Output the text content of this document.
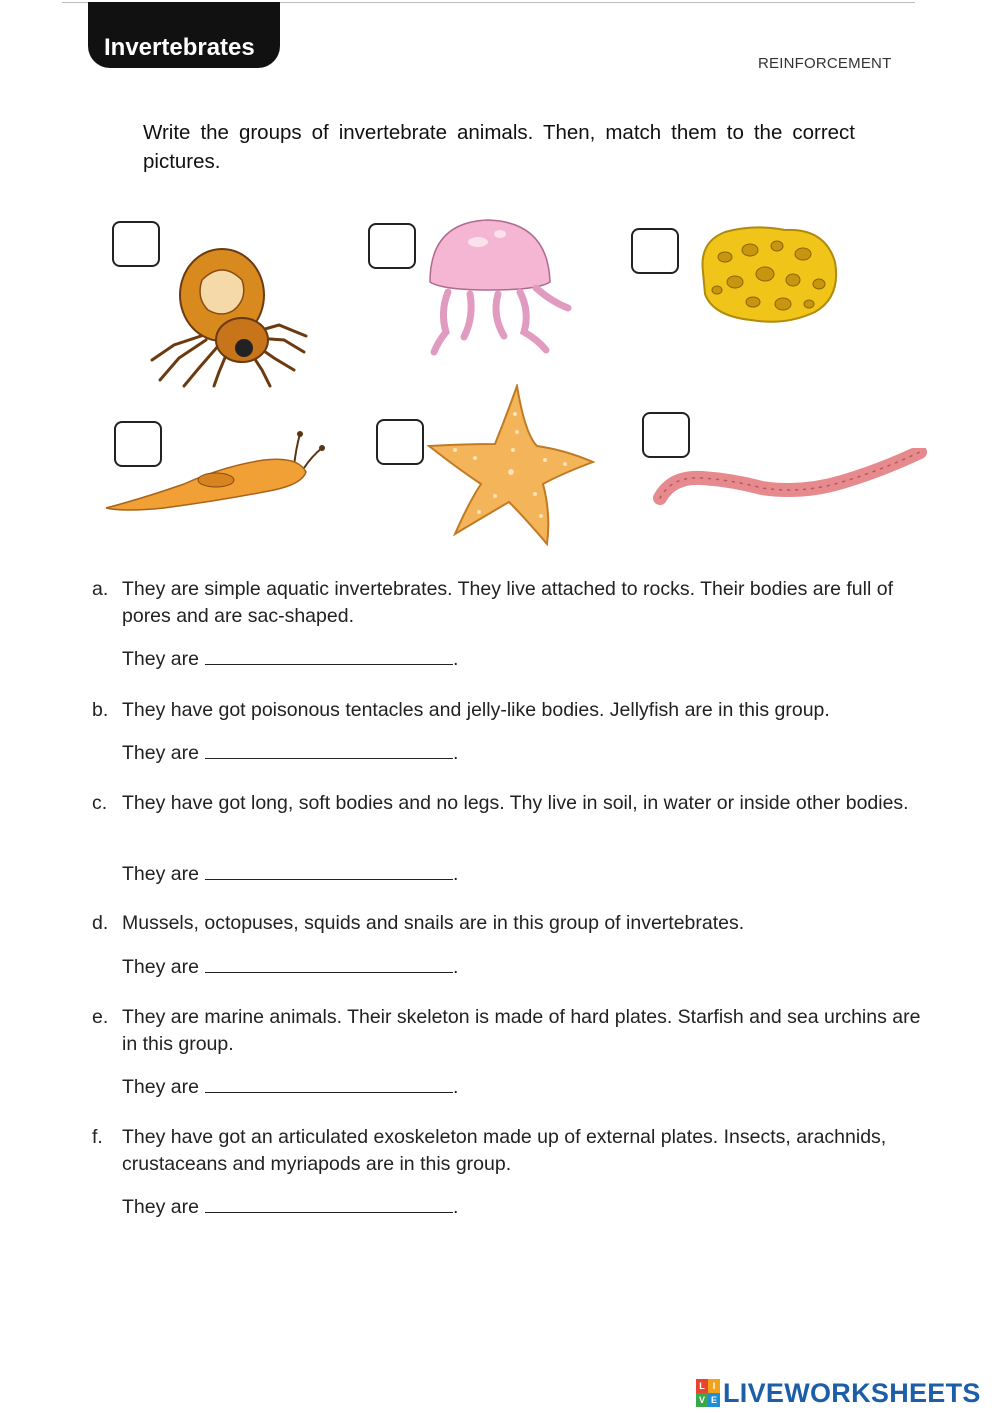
Invertebrates
REINFORCEMENT
Write the groups of invertebrate animals. Then, match them to the correct pictures.
a. They are simple aquatic invertebrates. They live attached to rocks. Their bodies are full of pores and are sac-shaped.
They are	.
b. They have got poisonous tentacles and jelly-like bodies. Jellyfish are in this group.
They are	.
c. They have got long, soft bodies and no legs. Thy live in soil, in water or inside other bodies.
They are	.
d. Mussels, octopuses, squids and snails are in this group of invertebrates.
They are	.
e. They are marine animals. Their skeleton is made of hard plates. Starfish and sea urchins are in this group.
They are	.
f. They have got an articulated exoskeleton made up of external plates. Insects, arachnids, crustaceans and myriapods are in this group.
They are	.
L I
V E LIVEWORKSHEETS
